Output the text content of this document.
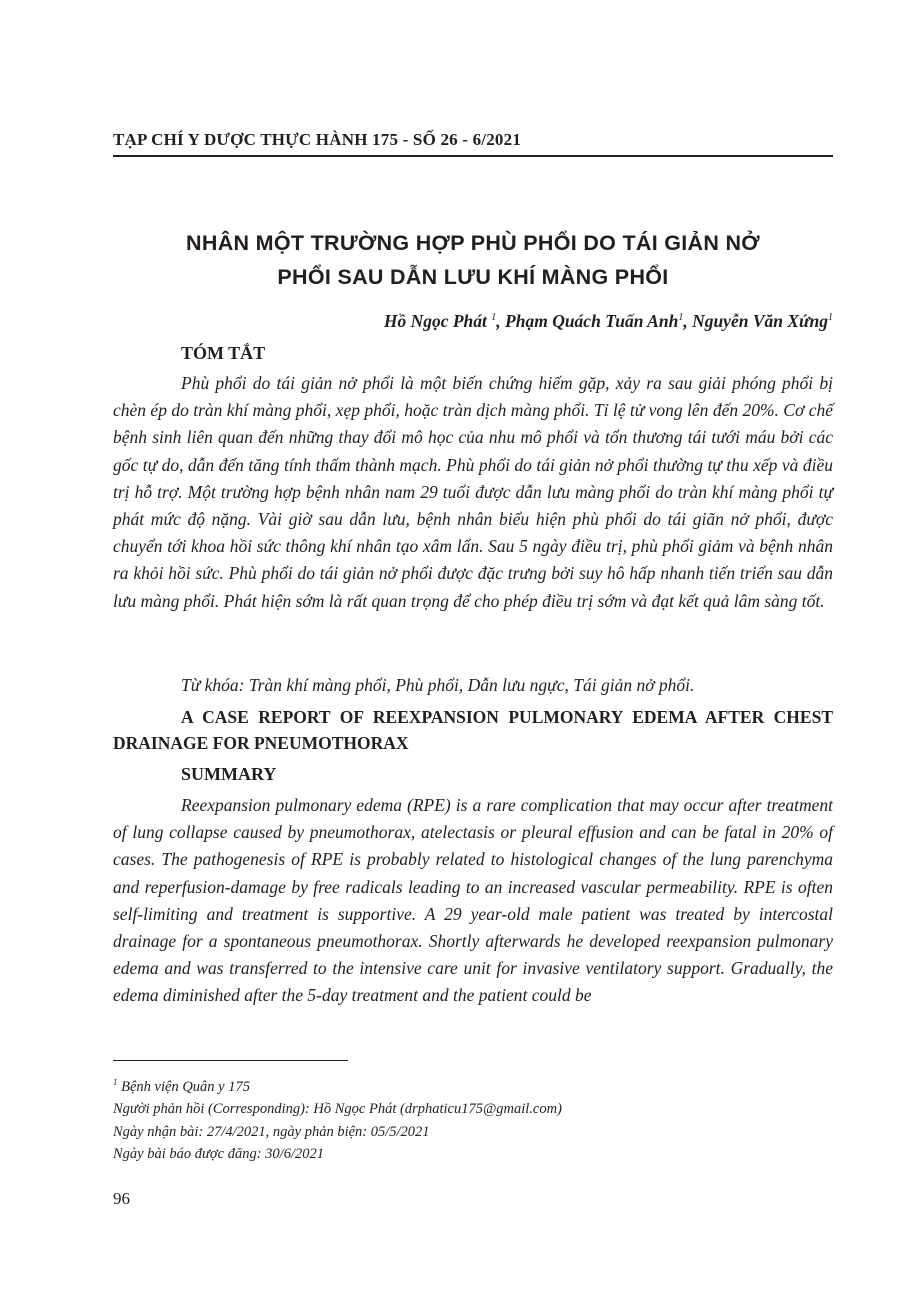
TẠP CHÍ Y DƯỢC THỰC HÀNH 175 - SỐ 26 - 6/2021
NHÂN MỘT TRƯỜNG HỢP PHÙ PHỔI DO TÁI GIẢN NỞ
PHỔI SAU DẪN LƯU KHÍ MÀNG PHỔI
Hồ Ngọc Phát $^1$, Phạm Quách Tuấn Anh$^1$, Nguyễn Văn Xứng$^1$
TÓM TẮT

Phù phổi do tái giản nở phổi là một biến chứng hiếm gặp, xảy ra sau giải phóng phổi bị chèn ép do tràn khí màng phổi, xẹp phổi, hoặc tràn dịch màng phổi. Tỉ lệ tử vong lên đến 20%. Cơ chế bệnh sinh liên quan đến những thay đổi mô học của nhu mô phổi và tổn thương tái tưới máu bởi các gốc tự do, dẫn đến tăng tính thấm thành mạch. Phù phổi do tái giản nở phổi thường tự thu xếp và điều trị hỗ trợ. Một trường hợp bệnh nhân nam 29 tuổi được dẫn lưu màng phổi do tràn khí màng phổi tự phát mức độ nặng. Vài giờ sau dẫn lưu, bệnh nhân biểu hiện phù phổi do tái giãn nở phổi, được chuyển tới khoa hồi sức thông khí nhân tạo xâm lấn. Sau 5 ngày điều trị, phù phổi giảm và bệnh nhân ra khỏi hồi sức. Phù phổi do tái giản nở phổi được đặc trưng bởi suy hô hấp nhanh tiến triển sau dẫn lưu màng phổi. Phát hiện sớm là rất quan trọng để cho phép điều trị sớm và đạt kết quả lâm sàng tốt.

Từ khóa: Tràn khí màng phổi, Phù phổi, Dẫn lưu ngực, Tái giản nở phổi.

A CASE REPORT OF REEXPANSION PULMONARY EDEMA AFTER CHEST DRAINAGE FOR PNEUMOTHORAX

SUMMARY

Reexpansion pulmonary edema (RPE) is a rare complication that may occur after treatment of lung collapse caused by pneumothorax, atelectasis or pleural effusion and can be fatal in 20% of cases. The pathogenesis of RPE is probably related to histological changes of the lung parenchyma and reperfusion-damage by free radicals leading to an increased vascular permeability. RPE is often self-limiting and treatment is supportive. A 29 year-old male patient was treated by intercostal drainage for a spontaneous pneumothorax. Shortly afterwards he developed reexpansion pulmonary edema and was transferred to the intensive care unit for invasive ventilatory support. Gradually, the edema diminished after the 5-day treatment and the patient could be

$^1$ Bệnh viện Quân y 175
Người phản hồi (Corresponding): Hồ Ngọc Phát (drphaticu175@gmail.com)
Ngày nhận bài: 27/4/2021, ngày phản biện: 05/5/2021
Ngày bài báo được đăng: 30/6/2021
96
